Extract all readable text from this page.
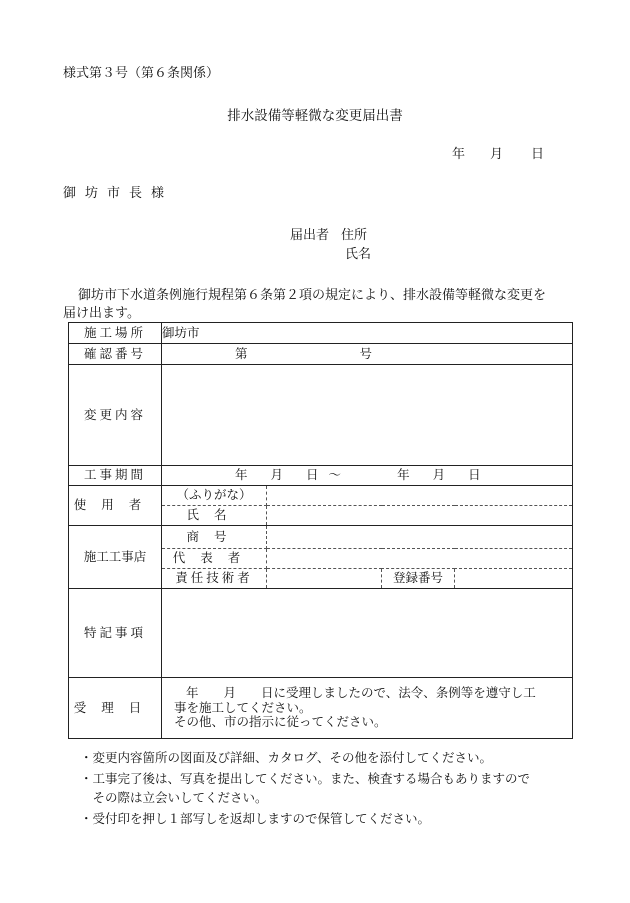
様式第３号（第６条関係）
排水設備等軽微な変更届出書
年 月 日
御坊市長様
届出者 住所
氏名
御坊市下水道条例施行規程第６条第２項の規定により、排水設備等軽微な変更を
届け出ます。
施工場所	御坊市			
確認番号	第 号			
変更内容				
工事期間	年 月 日 ～ 年 月 日			
使用者	（ふりがな）			
	氏名			
施工工事店	商号			
	代表者			
	責任技術者		登録番号	
特記事項				
受理日	年　　月　　日に受理しましたので、法令、条例等を遵守し工
事を施工してください。
その他、市の指示に従ってください。			
・変更内容箇所の図面及び詳細、カタログ、その他を添付してください。
・工事完了後は、写真を提出してください。また、検査する場合もありますので
　その際は立会いしてください。
・受付印を押し１部写しを返却しますので保管してください。
